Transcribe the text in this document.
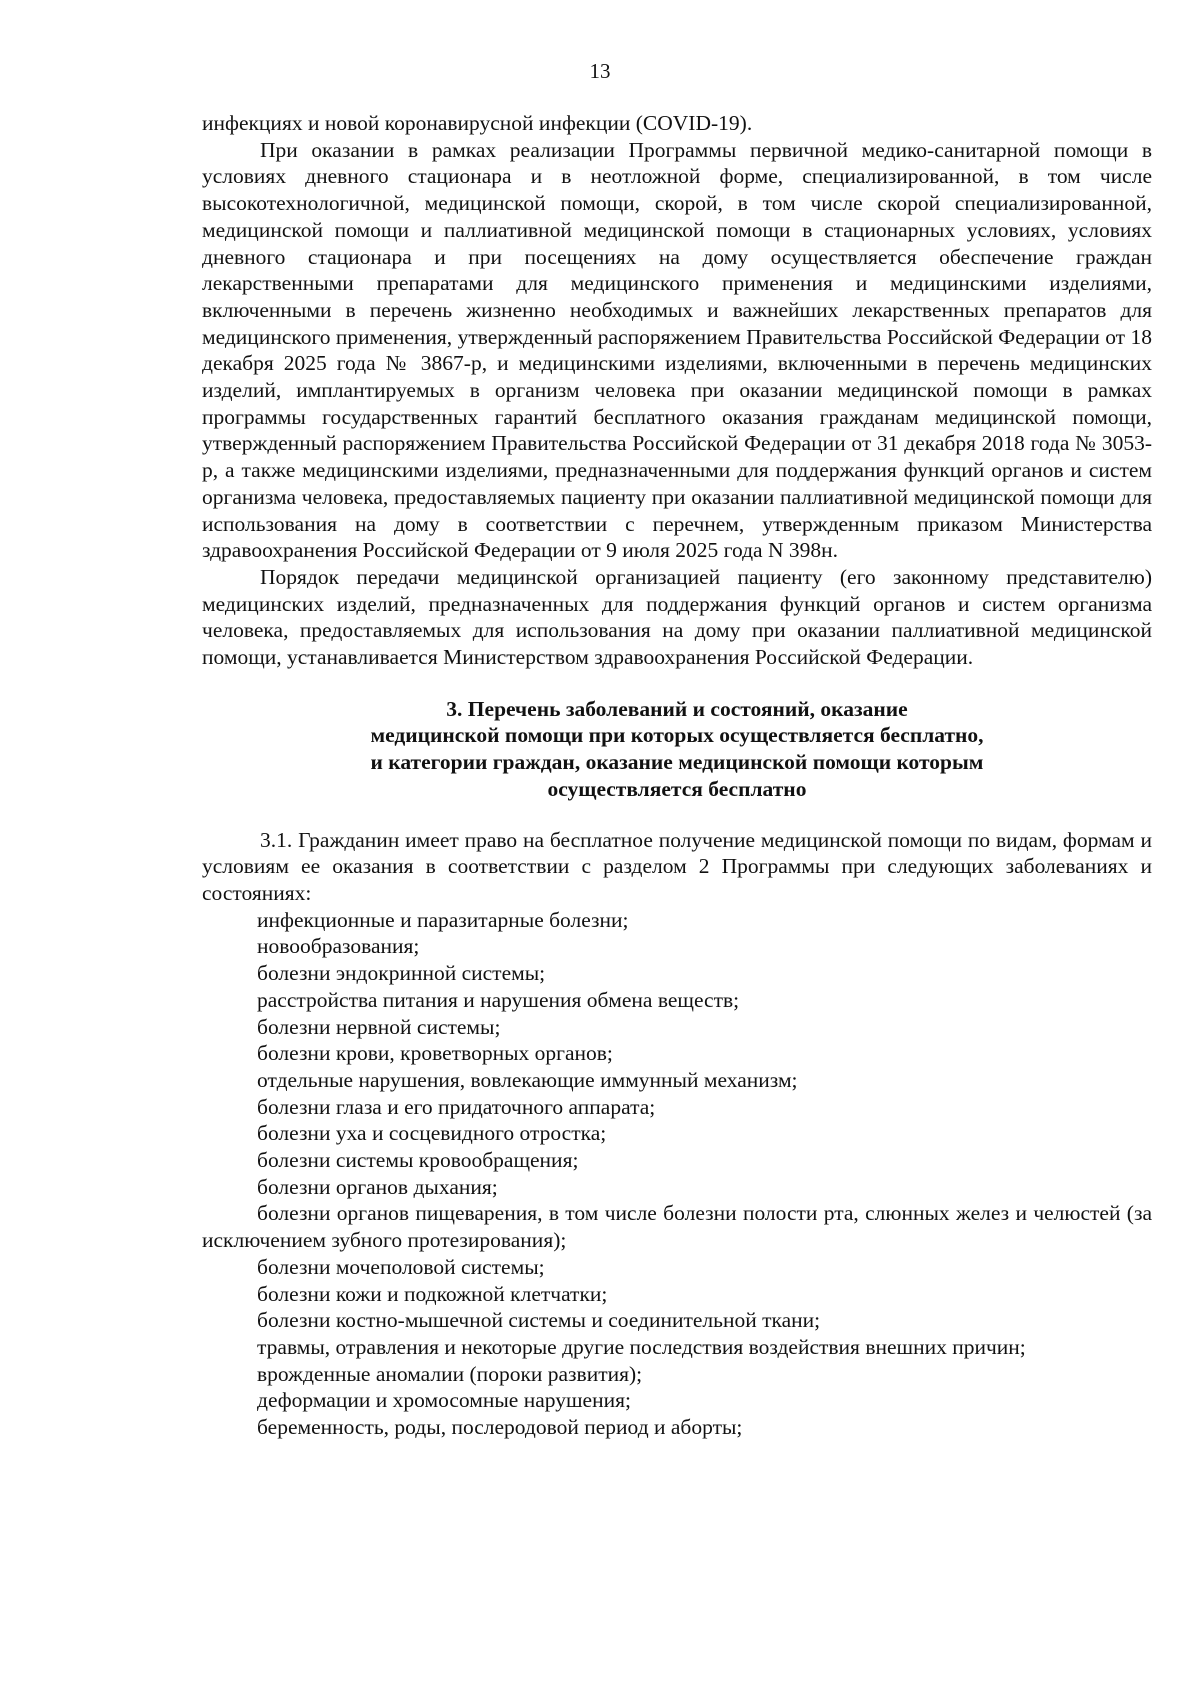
13

инфекциях и новой коронавирусной инфекции (COVID-19).

При оказании в рамках реализации Программы первичной медико-санитарной помощи в условиях дневного стационара и в неотложной форме, специализированной, в том числе высокотехнологичной, медицинской помощи, скорой, в том числе скорой специализированной, медицинской помощи и паллиативной медицинской помощи в стационарных условиях, условиях дневного стационара и при посещениях на дому осуществляется обеспечение граждан лекарственными препаратами для медицинского применения и медицинскими изделиями, включенными в перечень жизненно необходимых и важнейших лекарственных препаратов для медицинского применения, утвержденный распоряжением Правительства Российской Федерации от 18 декабря 2025 года № 3867-р, и медицинскими изделиями, включенными в перечень медицинских изделий, имплантируемых в организм человека при оказании медицинской помощи в рамках программы государственных гарантий бесплатного оказания гражданам медицинской помощи, утвержденный распоряжением Правительства Российской Федерации от 31 декабря 2018 года № 3053-р, а также медицинскими изделиями, предназначенными для поддержания функций органов и систем организма человека, предоставляемых пациенту при оказании паллиативной медицинской помощи для использования на дому в соответствии с перечнем, утвержденным приказом Министерства здравоохранения Российской Федерации от 9 июля 2025 года N 398н.

Порядок передачи медицинской организацией пациенту (его законному представителю) медицинских изделий, предназначенных для поддержания функций органов и систем организма человека, предоставляемых для использования на дому при оказании паллиативной медицинской помощи, устанавливается Министерством здравоохранения Российской Федерации.

3. Перечень заболеваний и состояний, оказание
медицинской помощи при которых осуществляется бесплатно,
и категории граждан, оказание медицинской помощи которым
осуществляется бесплатно

3.1. Гражданин имеет право на бесплатное получение медицинской помощи по видам, формам и условиям ее оказания в соответствии с разделом 2 Программы при следующих заболеваниях и состояниях:

инфекционные и паразитарные болезни;

новообразования;

болезни эндокринной системы;

расстройства питания и нарушения обмена веществ;

болезни нервной системы;

болезни крови, кроветворных органов;

отдельные нарушения, вовлекающие иммунный механизм;

болезни глаза и его придаточного аппарата;

болезни уха и сосцевидного отростка;

болезни системы кровообращения;

болезни органов дыхания;

болезни органов пищеварения, в том числе болезни полости рта, слюнных желез и челюстей (за исключением зубного протезирования);

болезни мочеполовой системы;

болезни кожи и подкожной клетчатки;

болезни костно-мышечной системы и соединительной ткани;

травмы, отравления и некоторые другие последствия воздействия внешних причин;

врожденные аномалии (пороки развития);

деформации и хромосомные нарушения;

беременность, роды, послеродовой период и аборты;
